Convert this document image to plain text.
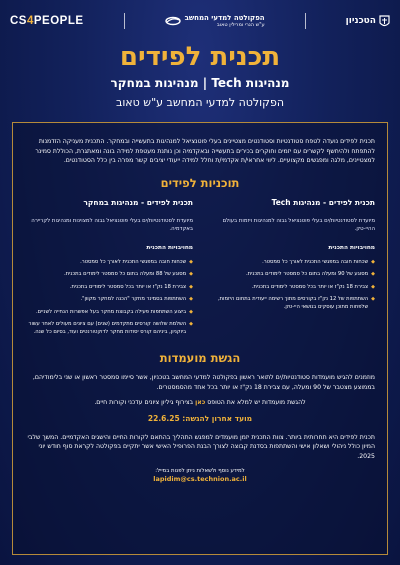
CS4PEOPLE	הפקולטה למדעי המחשב
ע"ש הנרי ומרילין טאוב	הטכניון
תכנית לפידים
מנהיגות Tech | מנהיגות במחקר
הפקולטה למדעי המחשב ע"ש טאוב
תכנית לפידים נועדה לטפח סטודנטיות וסטודנטים מצטיינים בעלי פוטנציאל למנהיגות בתעשייה ובמחקר. התכנית מעניקה הזדמנות להתפתח ולהיחשף לקשרים עם יזמים וחוקרים בכירים בתעשייה ובאקדמיה וכן נותנת מעטפת למידה בונה ומאתגרת, הכוללת סמינר למצטיינים, מלגה ומפגשים מקצועיים. ליווי אחראי/ת אקדמי/ת וחלל למידה ייעודי יציבים קשר מפרה בין כלל הסטודנטים.
תוכניות לפידים
תכנית לפידים - מנהיגות Tech
מיועדת לסטודנטיות/ים בעלי פוטנציאל גבוה למנהיגות ויזמות בעולם ההיי-טק.
מחויבויות התכנית
◆
שכחות חובה במפגשי התכנית לאורך כל סמסטר.
◆
מסוגע של 90 ומעלה בתום כל סמסטר לימודים בתכנית.
◆
צבירת 18 נק"ז או יותר בכל סמסטר לימודים בתכנית.
◆
השתתפות של 12 נק"ז בקורסים מתוך רשימה ייעודית בתחום היזמות, שלפחות מתוכן עוסקים בנושאי היי-טק.
תכנית לפידים - מנהיגות במחקר
מיועדת לסטודנטיות/ים בעלי פוטנציאל גבוה למצוינות ומנהיגות לקריירה באקדמיה.
מחויבויות התכנית
◆
שכחות חובה במפגשי התכנית לאורך כל סמסטר.
◆
מסוגע של 88 ומעלה בתום כל סמסטר לימודים בתכנית.
◆
צבירת 18 נק"ז או יותר בכל סמסטר לימודים בתכנית.
◆
השתתפות בסמינר מחקר "הכנה למחקר מקוון".
◆
ביצוע השתתפות פעילה בקבוצת מחקר בעל אפשרות הנחייה לשניים.
◆
השלמת שלושה קורסים מתקדמים (שנים) עם ציונים מעולים לאחר עשור ביוקניון, ביניהם קורס יסודות מחקר לדוקטורנטים ועוד, בסיום כל שנה.
הגשת מועמדות

מוזמנים להגיש מועמדות סטודנטיות/ים לתואר ראשון בפקולטה למדעי המחשב בטכניון, אשר סיימו סמסטר ראשון או שני בלימודיהם, בממוצע מצטבר של 90 ומעלה, עם צבירת 18 נק"ז או יותר בכל אחד מהסמסטרים.

להגשת מועמדות יש למלא את הטופס כאן בצירוף גיליון ציונים עדכני וקורות חיים.

מועד אחרון להגשה: 22.6.25

תכנית לפידים היא תחרותית ביותר. צוות התכנית יזמן מועמדים למפגש התהליך בהתאם לקורות החיים והישגים האקדמיים. המשך שלבי המיון כולל ניהולי ושאלון אישי והשתתפות בסדנת קבוצה לצורך הבנת הפרופיל האישי אשר יתקיים בפקולטה לקראת סוף חודש יוני 2025.

למידע נוסף ולשאלות ניתן לפנות במייל:
lapidim@cs.technion.ac.il
